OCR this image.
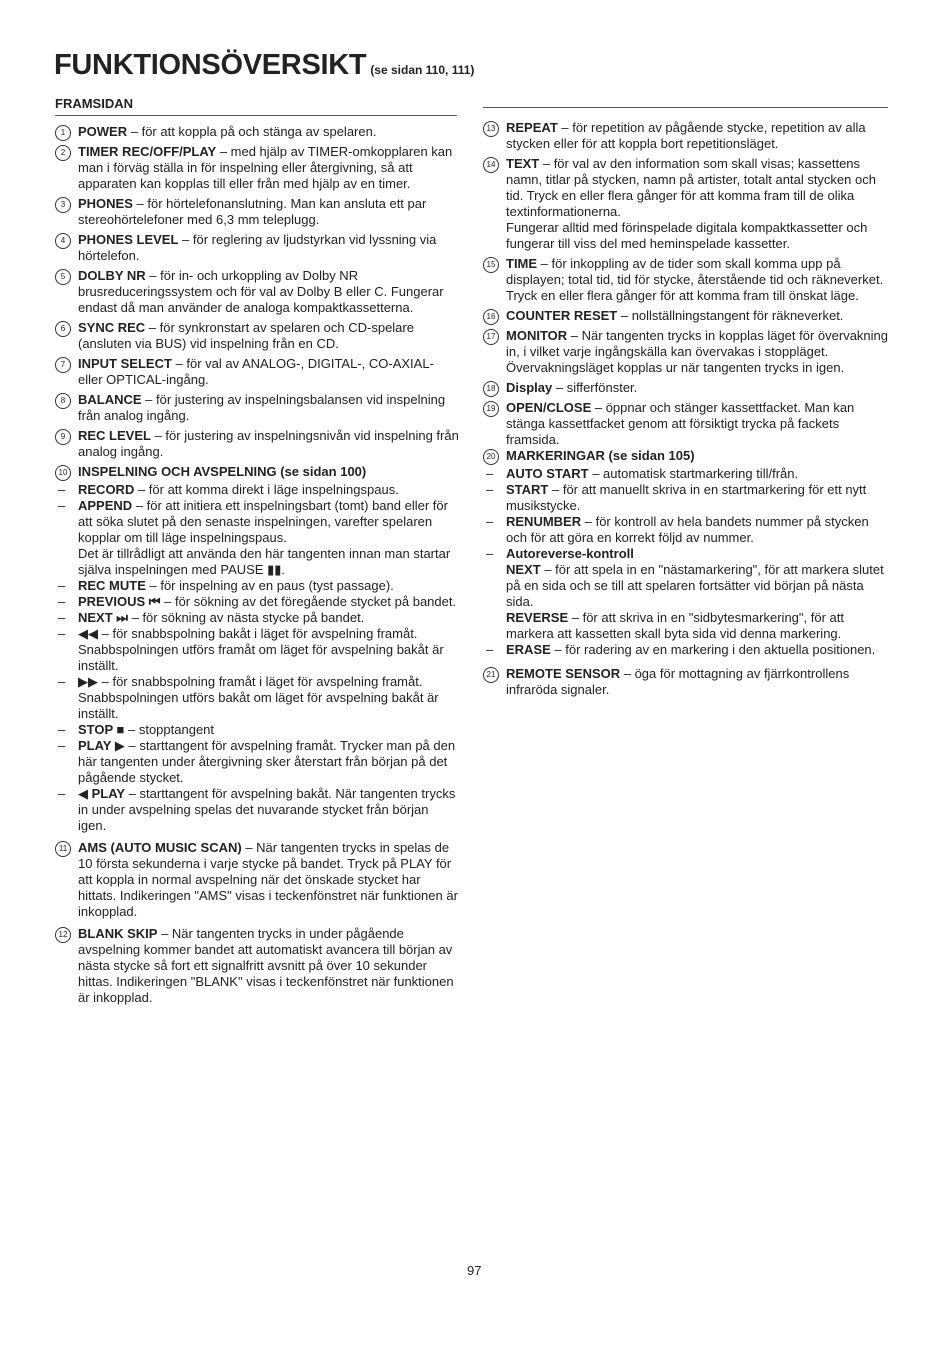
FUNKTIONSÖVERSIKT (se sidan 110, 111)
FRAMSIDAN
1 POWER – för att koppla på och stänga av spelaren.
2 TIMER REC/OFF/PLAY – med hjälp av TIMER-omkopplaren kan man i förväg ställa in för inspelning eller återgivning, så att apparaten kan kopplas till eller från med hjälp av en timer.
3 PHONES – för hörtelefonanslutning. Man kan ansluta ett par stereohörtelefoner med 6,3 mm teleplugg.
4 PHONES LEVEL – för reglering av ljudstyrkan vid lyssning via hörtelefon.
5 DOLBY NR – för in- och urkoppling av Dolby NR brusreduceringssystem och för val av Dolby B eller C. Fungerar endast då man använder de analoga kompaktkassetterna.
6 SYNC REC – för synkronstart av spelaren och CD-spelare (ansluten via BUS) vid inspelning från en CD.
7 INPUT SELECT – för val av ANALOG-, DIGITAL-, CO-AXIAL- eller OPTICAL-ingång.
8 BALANCE – för justering av inspelningsbalansen vid inspelning från analog ingång.
9 REC LEVEL – för justering av inspelningsnivån vid inspelning från analog ingång.
10 INSPELNING OCH AVSPELNING (se sidan 100)
– RECORD – för att komma direkt i läge inspelningspaus.
– APPEND – för att initiera ett inspelningsbart (tomt) band eller för att söka slutet på den senaste inspelningen, varefter spelaren kopplar om till läge inspelningspaus.
Det är tillrådligt att använda den här tangenten innan man startar själva inspelningen med PAUSE ▮▮.
– REC MUTE – för inspelning av en paus (tyst passage).
– PREVIOUS ⏮ – för sökning av det föregående stycket på bandet.
– NEXT ⏭ – för sökning av nästa stycke på bandet.
– ◀◀ – för snabbspolning bakåt i läget för avspelning framåt.
Snabbspolningen utförs framåt om läget för avspelning bakåt är inställt.
– ▶▶ – för snabbspolning framåt i läget för avspelning framåt.
Snabbspolningen utförs bakåt om läget för avspelning bakåt är inställt.
– STOP ■ – stopptangent
– PLAY ▶ – starttangent för avspelning framåt. Trycker man på den här tangenten under återgivning sker återstart från början på det pågående stycket.
– ◀ PLAY – starttangent för avspelning bakåt. När tangenten trycks in under avspelning spelas det nuvarande stycket från början igen.
11 AMS (AUTO MUSIC SCAN) – När tangenten trycks in spelas de 10 första sekunderna i varje stycke på bandet. Tryck på PLAY för att koppla in normal avspelning när det önskade stycket har hittats. Indikeringen "AMS" visas i teckenfönstret när funktionen är inkopplad.
12 BLANK SKIP – När tangenten trycks in under pågående avspelning kommer bandet att automatiskt avancera till början av nästa stycke så fort ett signalfritt avsnitt på över 10 sekunder hittas. Indikeringen "BLANK" visas i teckenfönstret när funktionen är inkopplad.
13 REPEAT – för repetition av pågående stycke, repetition av alla stycken eller för att koppla bort repetitionsläget.
14 TEXT – för val av den information som skall visas; kassettens namn, titlar på stycken, namn på artister, totalt antal stycken och tid. Tryck en eller flera gånger för att komma fram till de olika textinformationerna.
Fungerar alltid med förinspelade digitala kompaktkassetter och fungerar till viss del med heminspelade kassetter.
15 TIME – för inkoppling av de tider som skall komma upp på displayen; total tid, tid för stycke, återstående tid och räkneverket. Tryck en eller flera gånger för att komma fram till önskat läge.
16 COUNTER RESET – nollställningstangent för räkneverket.
17 MONITOR – När tangenten trycks in kopplas läget för övervakning in, i vilket varje ingångskälla kan övervakas i stoppläget.
Övervakningsläget kopplas ur när tangenten trycks in igen.
18 Display – sifferfönster.
19 OPEN/CLOSE – öppnar och stänger kassettfacket. Man kan stänga kassettfacket genom att försiktigt trycka på fackets framsida.
20 MARKERINGAR (se sidan 105)
– AUTO START – automatisk startmarkering till/från.
– START – för att manuellt skriva in en startmarkering för ett nytt musikstycke.
– RENUMBER – för kontroll av hela bandets nummer på stycken och för att göra en korrekt följd av nummer.
– Autoreverse-kontroll
NEXT – för att spela in en "nästamarkering", för att markera slutet på en sida och se till att spelaren fortsätter vid början på nästa sida.
REVERSE – för att skriva in en "sidbytesmarkering", för att markera att kassetten skall byta sida vid denna markering.
– ERASE – för radering av en markering i den aktuella positionen.
21 REMOTE SENSOR – öga för mottagning av fjärrkontrollens infraröda signaler.
97
